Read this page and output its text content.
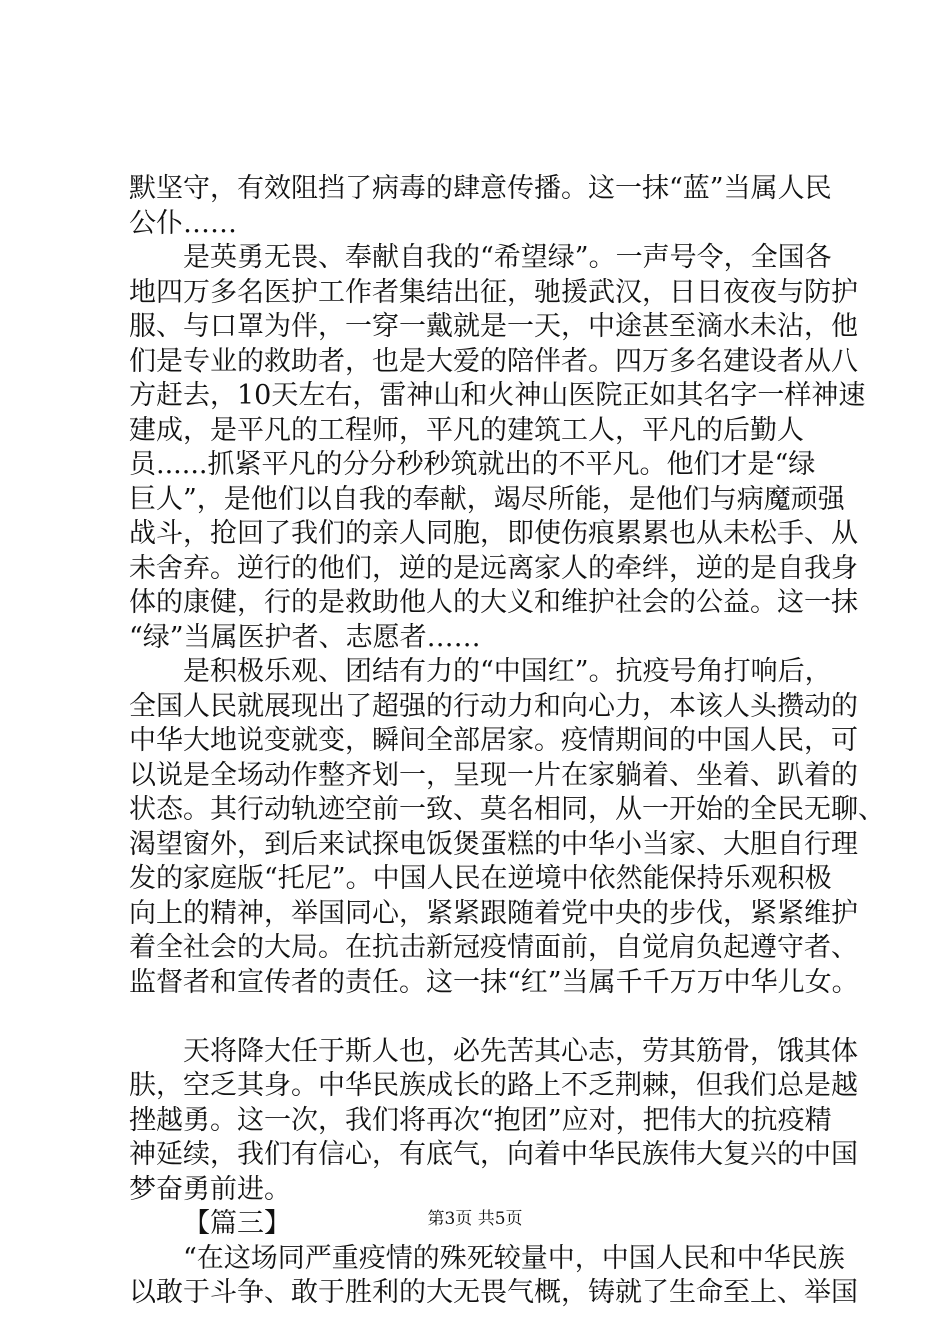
默坚守，有效阻挡了病毒的肆意传播。这一抹“蓝”当属人民
公仆……
是英勇无畏、奉献自我的“希望绿”。一声号令，全国各
地四万多名医护工作者集结出征，驰援武汉，日日夜夜与防护
服、与口罩为伴，一穿一戴就是一天，中途甚至滴水未沾，他
们是专业的救助者，也是大爱的陪伴者。四万多名建设者从八
方赶去，10天左右，雷神山和火神山医院正如其名字一样神速
建成，是平凡的工程师，平凡的建筑工人，平凡的后勤人
员......抓紧平凡的分分秒秒筑就出的不平凡。他们才是“绿
巨人”，是他们以自我的奉献，竭尽所能，是他们与病魔顽强
战斗，抢回了我们的亲人同胞，即使伤痕累累也从未松手、从
未舍弃。逆行的他们，逆的是远离家人的牵绊，逆的是自我身
体的康健，行的是救助他人的大义和维护社会的公益。这一抹
“绿”当属医护者、志愿者……
是积极乐观、团结有力的“中国红”。抗疫号角打响后，
全国人民就展现出了超强的行动力和向心力，本该人头攒动的
中华大地说变就变，瞬间全部居家。疫情期间的中国人民，可
以说是全场动作整齐划一，呈现一片在家躺着、坐着、趴着的
状态。其行动轨迹空前一致、莫名相同，从一开始的全民无聊、
渴望窗外，到后来试探电饭煲蛋糕的中华小当家、大胆自行理
发的家庭版“托尼”。中国人民在逆境中依然能保持乐观积极
向上的精神，举国同心，紧紧跟随着党中央的步伐，紧紧维护
着全社会的大局。在抗击新冠疫情面前，自觉肩负起遵守者、
监督者和宣传者的责任。这一抹“红”当属千千万万中华儿女。
天将降大任于斯人也，必先苦其心志，劳其筋骨，饿其体
肤，空乏其身。中华民族成长的路上不乏荆棘，但我们总是越
挫越勇。这一次，我们将再次“抱团”应对，把伟大的抗疫精
神延续，我们有信心，有底气，向着中华民族伟大复兴的中国
梦奋勇前进。
【篇三】
“在这场同严重疫情的殊死较量中，中国人民和中华民族
以敢于斗争、敢于胜利的大无畏气概，铸就了生命至上、举国
第3页 共5页
